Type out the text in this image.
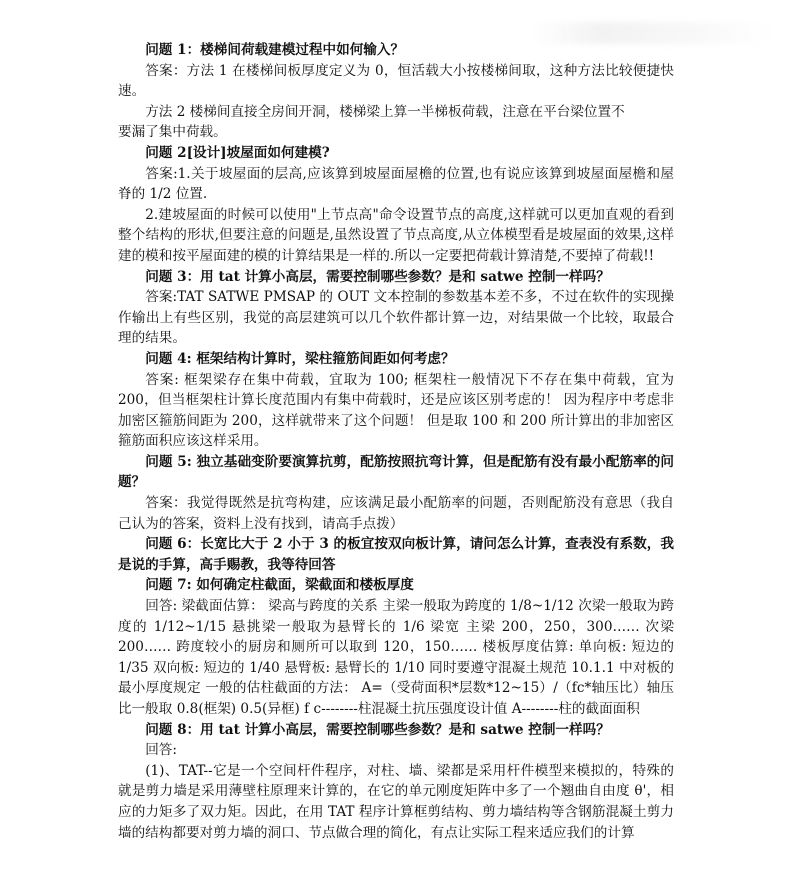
问题 1：楼梯间荷载建模过程中如何输入？

答案：方法 1 在楼梯间板厚度定义为 0，恒活载大小按楼梯间取，这种方法比较便捷快速。

方法 2 楼梯间直接全房间开洞，楼梯梁上算一半梯板荷载，注意在平台梁位置不

要漏了集中荷载。

问题 2[设计]坡屋面如何建模?

答案:1.关于坡屋面的层高,应该算到坡屋面屋檐的位置,也有说应该算到坡屋面屋檐和屋脊的 1/2 位置.

2.建坡屋面的时候可以使用"上节点高"命令设置节点的高度,这样就可以更加直观的看到整个结构的形状,但要注意的问题是,虽然设置了节点高度,从立体模型看是坡屋面的效果,这样建的模和按平屋面建的模的计算结果是一样的.所以一定要把荷载计算清楚,不要掉了荷载!!

问题 3：用 tat 计算小高层，需要控制哪些参数？是和 satwe 控制一样吗？

答案:TAT SATWE PMSAP 的 OUT 文本控制的参数基本差不多，不过在软件的实现操作输出上有些区别，我觉的高层建筑可以几个软件都计算一边，对结果做一个比较，取最合理的结果。

问题 4: 框架结构计算时，梁柱箍筋间距如何考虑？

答案: 框架梁存在集中荷载，宜取为 100; 框架柱一般情况下不存在集中荷载，宜为 200，但当框架柱计算长度范围内有集中荷载时，还是应该区别考虑的！ 因为程序中考虑非加密区箍筋间距为 200，这样就带来了这个问题！ 但是取 100 和 200 所计算出的非加密区箍筋面积应该这样采用。

问题 5: 独立基础变阶要演算抗剪，配筋按照抗弯计算，但是配筋有没有最小配筋率的问题？

答案：我觉得既然是抗弯构建，应该满足最小配筋率的问题，否则配筋没有意思（我自己认为的答案，资料上没有找到，请高手点拨）

问题 6：长宽比大于 2 小于 3 的板宜按双向板计算，请问怎么计算，查表没有系数，我是说的手算，高手赐教，我等待回答

问题 7: 如何确定柱截面，梁截面和楼板厚度

回答: 梁截面估算： 梁高与跨度的关系 主梁一般取为跨度的 1/8~1/12 次梁一般取为跨度的 1/12~1/15 悬挑梁一般取为悬臂长的 1/6 梁宽 主梁 200，250，300…… 次梁 200…… 跨度较小的厨房和厕所可以取到 120，150…… 楼板厚度估算: 单向板: 短边的 1/35 双向板: 短边的 1/40 悬臂板: 悬臂长的 1/10 同时要遵守混凝土规范 10.1.1 中对板的最小厚度规定 一般的估柱截面的方法： A=（受荷面积*层数*12~15）/（fc*轴压比）轴压比一般取 0.8(框架) 0.5(异框) f c--------柱混凝土抗压强度设计值 A--------柱的截面面积

问题 8：用 tat 计算小高层，需要控制哪些参数？是和 satwe 控制一样吗？

回答:

(1)、TAT--它是一个空间杆件程序，对柱、墙、梁都是采用杆件模型来模拟的，特殊的就是剪力墙是采用薄壁柱原理来计算的，在它的单元刚度矩阵中多了一个翘曲自由度 θ'，相应的力矩多了双力矩。因此，在用 TAT 程序计算框剪结构、剪力墙结构等含钢筋混凝土剪力墙的结构都要对剪力墙的洞口、节点做合理的简化，有点让实际工程来适应我们的计算
